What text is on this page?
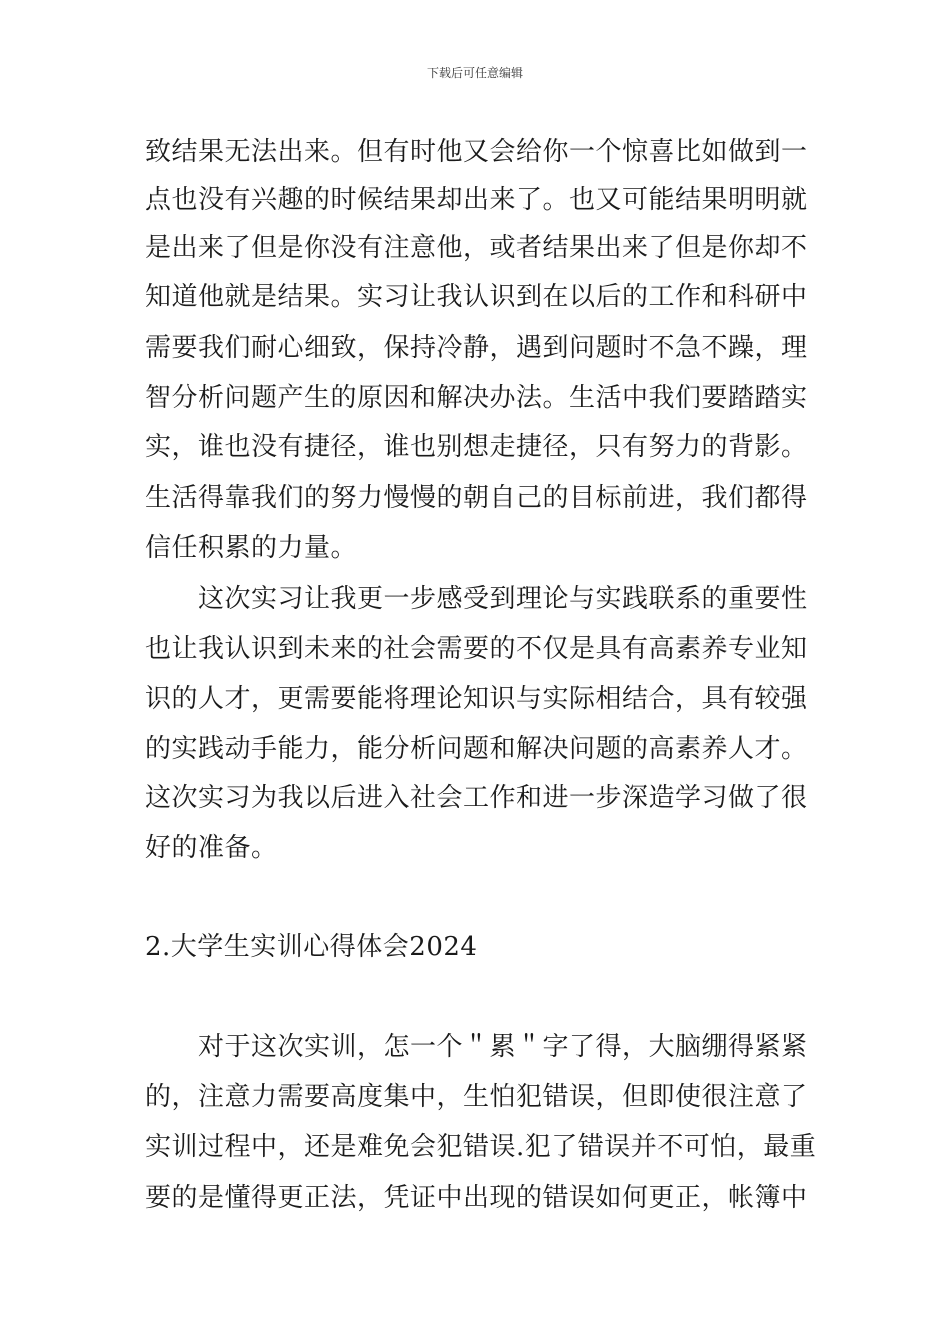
下载后可任意编辑
致结果无法出来。但有时他又会给你一个惊喜比如做到一
点也没有兴趣的时候结果却出来了。也又可能结果明明就
是出来了但是你没有注意他，或者结果出来了但是你却不
知道他就是结果。实习让我认识到在以后的工作和科研中
需要我们耐心细致，保持冷静，遇到问题时不急不躁，理
智分析问题产生的原因和解决办法。生活中我们要踏踏实
实，谁也没有捷径，谁也别想走捷径，只有努力的背影。
生活得靠我们的努力慢慢的朝自己的目标前进，我们都得
信任积累的力量。
这次实习让我更一步感受到理论与实践联系的重要性
也让我认识到未来的社会需要的不仅是具有高素养专业知
识的人才，更需要能将理论知识与实际相结合，具有较强
的实践动手能力，能分析问题和解决问题的高素养人才。
这次实习为我以后进入社会工作和进一步深造学习做了很
好的准备。
2.大学生实训心得体会2024
对于这次实训，怎一个＂累＂字了得，大脑绷得紧紧
的，注意力需要高度集中，生怕犯错误，但即使很注意了
实训过程中，还是难免会犯错误.犯了错误并不可怕，最重
要的是懂得更正法，凭证中出现的错误如何更正，帐簿中
